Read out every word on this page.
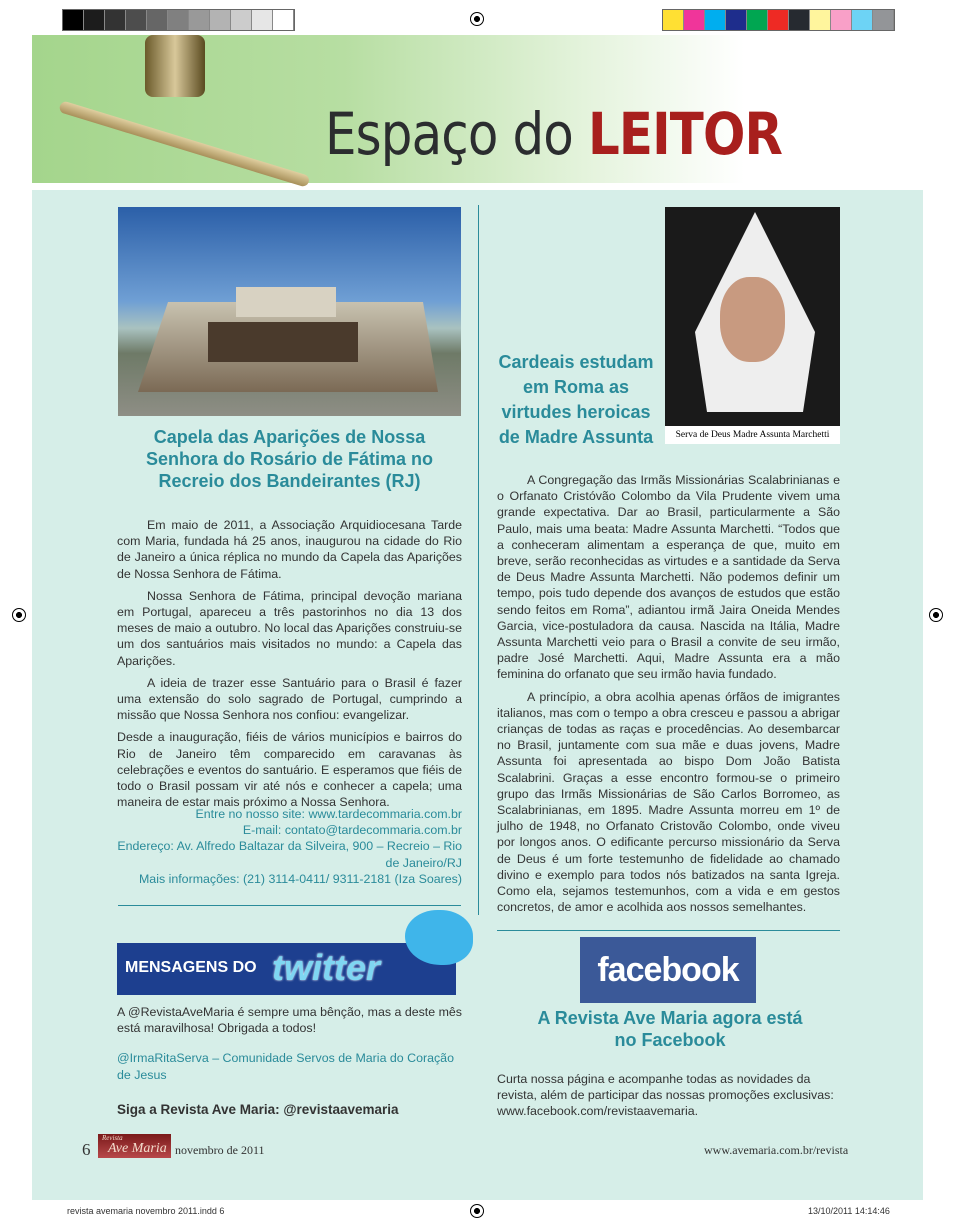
Espaço do LEITOR
Capela das Aparições de Nossa Senhora do Rosário de Fátima no Recreio dos Bandeirantes (RJ)

Em maio de 2011, a Associação Arquidiocesana Tarde com Maria, fundada há 25 anos, inaugurou na cidade do Rio de Janeiro a única réplica no mundo da Capela das Aparições de Nossa Senhora de Fátima.

Nossa Senhora de Fátima, principal devoção mariana em Portugal, apareceu a três pastorinhos no dia 13 dos meses de maio a outubro. No local das Aparições construiu-se um dos santuários mais visitados no mundo: a Capela das Aparições.

A ideia de trazer esse Santuário para o Brasil é fazer uma extensão do solo sagrado de Portugal, cumprindo a missão que Nossa Senhora nos confiou: evangelizar.

Desde a inauguração, fiéis de vários municípios e bairros do Rio de Janeiro têm comparecido em caravanas às celebrações e eventos do santuário. E esperamos que fiéis de todo o Brasil possam vir até nós e conhecer a capela; uma maneira de estar mais próximo a Nossa Senhora.

Entre no nosso site: www.tardecommaria.com.br
E-mail: contato@tardecommaria.com.br
Endereço: Av. Alfredo Baltazar da Silveira, 900 – Recreio – Rio de Janeiro/RJ
Mais informações: (21) 3114-0411/ 9311-2181 (Iza Soares)
MENSAGENS DO twitter

A @RevistaAveMaria é sempre uma bênção, mas a deste mês está maravilhosa! Obrigada a todos!

@IrmaRitaServa – Comunidade Servos de Maria do Coração de Jesus

Siga a Revista Ave Maria: @revistaavemaria
Serva de Deus Madre Assunta Marchetti
Cardeais estudam em Roma as virtudes heroicas de Madre Assunta

A Congregação das Irmãs Missionárias Scalabrinianas e o Orfanato Cristóvão Colombo da Vila Prudente vivem uma grande expectativa. Dar ao Brasil, particularmente a São Paulo, mais uma beata: Madre Assunta Marchetti. “Todos que a conheceram alimentam a esperança de que, muito em breve, serão reconhecidas as virtudes e a santidade da Serva de Deus Madre Assunta Marchetti. Não podemos definir um tempo, pois tudo depende dos avanços de estudos que estão sendo feitos em Roma”, adiantou irmã Jaira Oneida Mendes Garcia, vice-postuladora da causa. Nascida na Itália, Madre Assunta Marchetti veio para o Brasil a convite de seu irmão, padre José Marchetti. Aqui, Madre Assunta era a mão feminina do orfanato que seu irmão havia fundado.

A princípio, a obra acolhia apenas órfãos de imigrantes italianos, mas com o tempo a obra cresceu e passou a abrigar crianças de todas as raças e procedências. Ao desembarcar no Brasil, juntamente com sua mãe e duas jovens, Madre Assunta foi apresentada ao bispo Dom João Batista Scalabrini. Graças a esse encontro formou-se o primeiro grupo das Irmãs Missionárias de São Carlos Borromeo, as Scalabrinianas, em 1895. Madre Assunta morreu em 1º de julho de 1948, no Orfanato Cristovão Colombo, onde viveu por longos anos. O edificante percurso missionário da Serva de Deus é um forte testemunho de fidelidade ao chamado divino e exemplo para todos nós batizados na santa Igreja. Como ela, sejamos testemunhos, com a vida e em gestos concretos, de amor e acolhida aos nossos semelhantes.

facebook
A Revista Ave Maria agora está no Facebook
Curta nossa página e acompanhe todas as novidades da revista, além de participar das nossas promoções exclusivas: www.facebook.com/revistaavemaria.
6
Revista
Ave Maria novembro de 2011	www.avemaria.com.br/revista
revista avemaria novembro 2011.indd 6	13/10/2011 14:14:46
